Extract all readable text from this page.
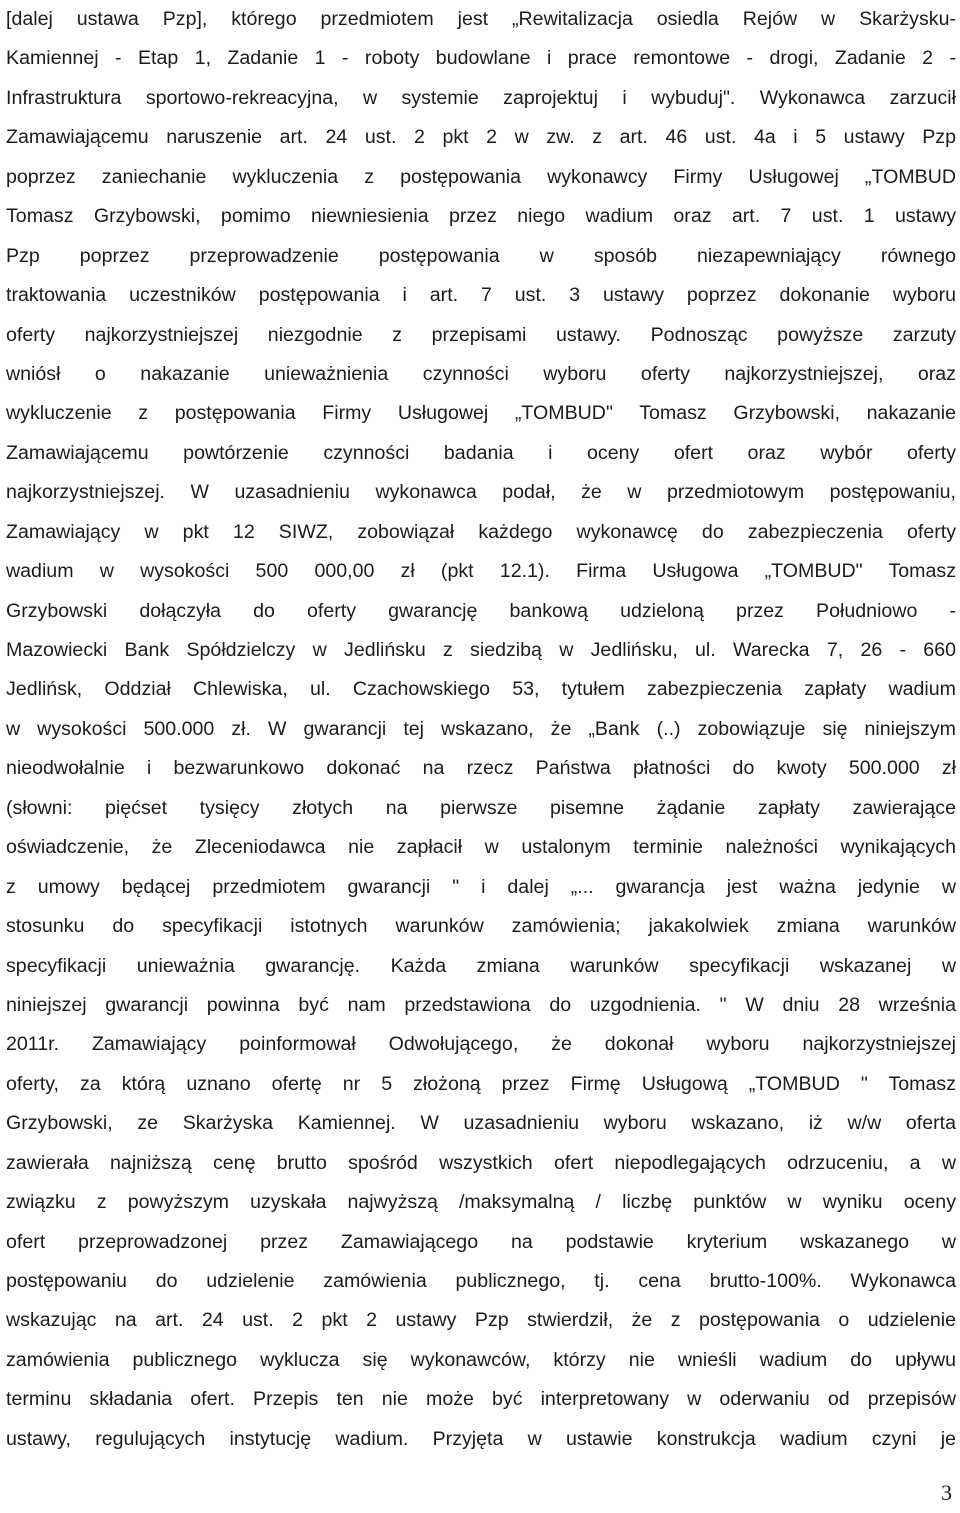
[dalej ustawa Pzp], którego przedmiotem jest „Rewitalizacja osiedla Rejów w Skarżysku-
Kamiennej - Etap 1, Zadanie 1 - roboty budowlane i prace remontowe - drogi, Zadanie 2 -
Infrastruktura sportowo-rekreacyjna, w systemie zaprojektuj i wybuduj". Wykonawca zarzucił
Zamawiającemu naruszenie art. 24 ust. 2 pkt 2 w zw. z art. 46 ust. 4a i 5 ustawy Pzp
poprzez zaniechanie wykluczenia z postępowania wykonawcy Firmy Usługowej „TOMBUD
Tomasz Grzybowski, pomimo niewniesienia przez niego wadium oraz art. 7 ust. 1 ustawy
Pzp poprzez przeprowadzenie postępowania w sposób niezapewniający równego
traktowania uczestników postępowania i art. 7 ust. 3 ustawy poprzez dokonanie wyboru
oferty najkorzystniejszej niezgodnie z przepisami ustawy. Podnosząc powyższe zarzuty
wniósł o nakazanie unieważnienia czynności wyboru oferty najkorzystniejszej, oraz
wykluczenie z postępowania Firmy Usługowej „TOMBUD" Tomasz Grzybowski, nakazanie
Zamawiającemu powtórzenie czynności badania i oceny ofert oraz wybór oferty
najkorzystniejszej. W uzasadnieniu wykonawca podał, że w przedmiotowym postępowaniu,
Zamawiający w pkt 12 SIWZ, zobowiązał każdego wykonawcę do zabezpieczenia oferty
wadium w wysokości 500 000,00 zł (pkt 12.1). Firma Usługowa „TOMBUD" Tomasz
Grzybowski dołączyła do oferty gwarancję bankową udzieloną przez Południowo -
Mazowiecki Bank Spółdzielczy w Jedlińsku z siedzibą w Jedlińsku, ul. Warecka 7, 26 - 660
Jedlińsk, Oddział Chlewiska, ul. Czachowskiego 53, tytułem zabezpieczenia zapłaty wadium
w wysokości 500.000 zł. W gwarancji tej wskazano, że „Bank (..) zobowiązuje się niniejszym
nieodwołalnie i bezwarunkowo dokonać na rzecz Państwa płatności do kwoty 500.000 zł
(słowni: pięćset tysięcy złotych na pierwsze pisemne żądanie zapłaty zawierające
oświadczenie, że Zleceniodawca nie zapłacił w ustalonym terminie należności wynikających
z umowy będącej przedmiotem gwarancji " i dalej „... gwarancja jest ważna jedynie w
stosunku do specyfikacji istotnych warunków zamówienia; jakakolwiek zmiana warunków
specyfikacji unieważnia gwarancję. Każda zmiana warunków specyfikacji wskazanej w
niniejszej gwarancji powinna być nam przedstawiona do uzgodnienia. " W dniu 28 września
2011r. Zamawiający poinformował Odwołującego, że dokonał wyboru najkorzystniejszej
oferty, za którą uznano ofertę nr 5 złożoną przez Firmę Usługową „TOMBUD " Tomasz
Grzybowski, ze Skarżyska Kamiennej. W uzasadnieniu wyboru wskazano, iż w/w oferta
zawierała najniższą cenę brutto spośród wszystkich ofert niepodlegających odrzuceniu, a w
związku z powyższym uzyskała najwyższą /maksymalną / liczbę punktów w wyniku oceny
ofert przeprowadzonej przez Zamawiającego na podstawie kryterium wskazanego w
postępowaniu do udzielenie zamówienia publicznego, tj. cena brutto-100%. Wykonawca
wskazując na art. 24 ust. 2 pkt 2 ustawy Pzp stwierdził, że z postępowania o udzielenie
zamówienia publicznego wyklucza się wykonawców, którzy nie wnieśli wadium do upływu
terminu składania ofert. Przepis ten nie może być interpretowany w oderwaniu od przepisów
ustawy, regulujących instytucję wadium. Przyjęta w ustawie konstrukcja wadium czyni je
3
